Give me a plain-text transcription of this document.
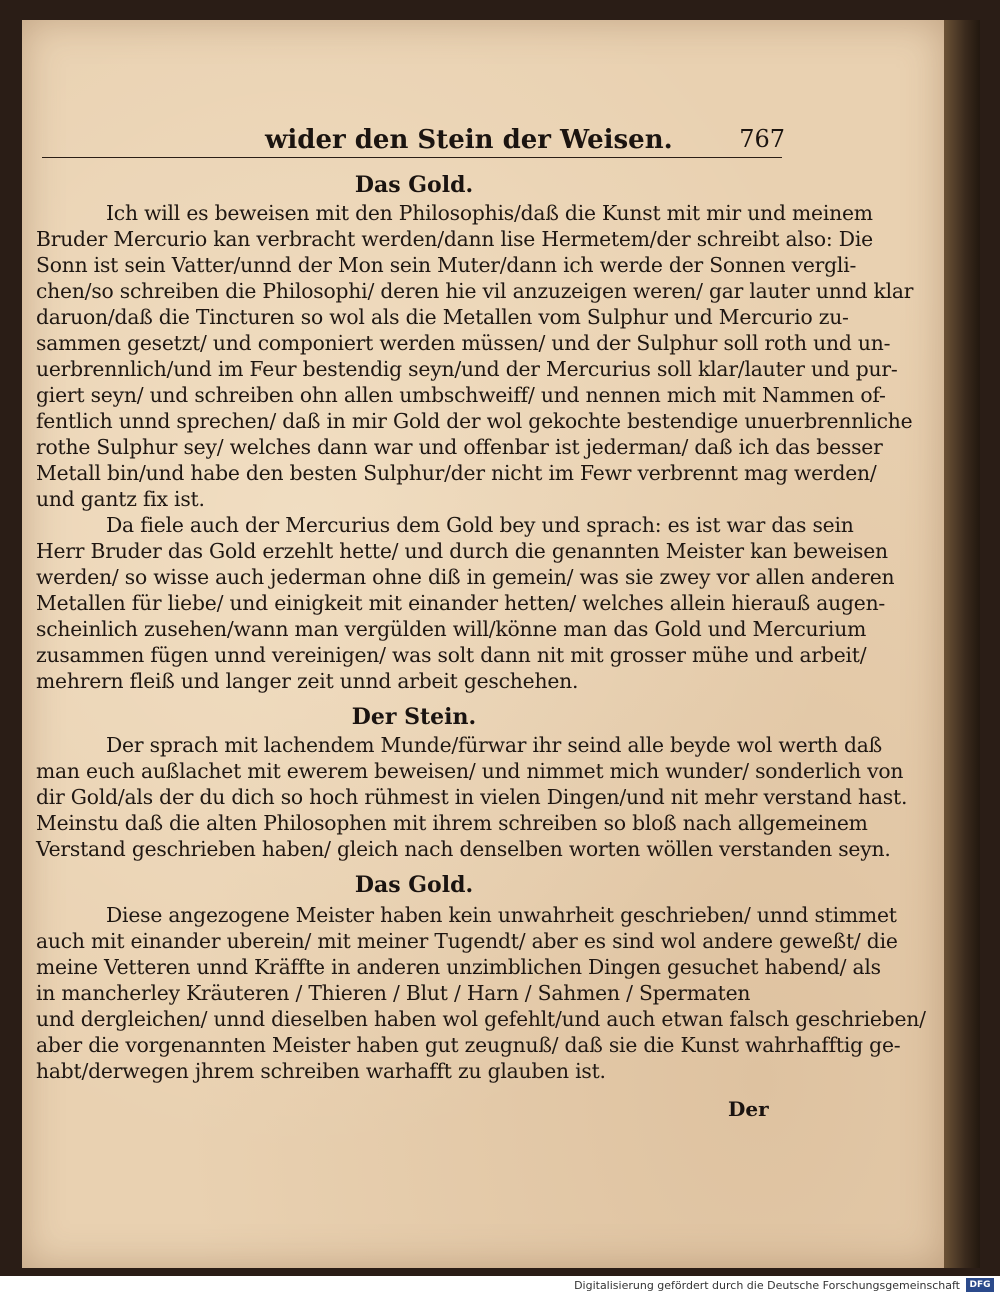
wider den Stein der Weisen.	767
Das Gold.
Ich will es beweisen mit den Philosophis/daß die Kunst mit mir und meinem
Bruder Mercurio kan verbracht werden/dann lise Hermetem/der schreibt also: Die
Sonn ist sein Vatter/unnd der Mon sein Muter/dann ich werde der Sonnen vergli-
chen/so schreiben die Philosophi/ deren hie vil anzuzeigen weren/ gar lauter unnd klar
daruon/daß die Tincturen so wol als die Metallen vom Sulphur und Mercurio zu-
sammen gesetzt/ und componiert werden müssen/ und der Sulphur soll roth und un-
uerbrennlich/und im Feur bestendig seyn/und der Mercurius soll klar/lauter und pur-
giert seyn/ und schreiben ohn allen umbschweiff/ und nennen mich mit Nammen of-
fentlich unnd sprechen/ daß in mir Gold der wol gekochte bestendige unuerbrennliche
rothe Sulphur sey/ welches dann war und offenbar ist jederman/ daß ich das besser
Metall bin/und habe den besten Sulphur/der nicht im Fewr verbrennt mag werden/
und gantz fix ist.
Da fiele auch der Mercurius dem Gold bey und sprach: es ist war das sein
Herr Bruder das Gold erzehlt hette/ und durch die genannten Meister kan beweisen
werden/ so wisse auch jederman ohne diß in gemein/ was sie zwey vor allen anderen
Metallen für liebe/ und einigkeit mit einander hetten/ welches allein hierauß augen-
scheinlich zusehen/wann man vergülden will/könne man das Gold und Mercurium
zusammen fügen unnd vereinigen/ was solt dann nit mit grosser mühe und arbeit/
mehrern fleiß und langer zeit unnd arbeit geschehen.
Der Stein.
Der sprach mit lachendem Munde/fürwar ihr seind alle beyde wol werth daß
man euch außlachet mit ewerem beweisen/ und nimmet mich wunder/ sonderlich von
dir Gold/als der du dich so hoch rühmest in vielen Dingen/und nit mehr verstand hast.
Meinstu daß die alten Philosophen mit ihrem schreiben so bloß nach allgemeinem
Verstand geschrieben haben/ gleich nach denselben worten wöllen verstanden seyn.
Das Gold.
Diese angezogene Meister haben kein unwahrheit geschrieben/ unnd stimmet
auch mit einander uberein/ mit meiner Tugendt/ aber es sind wol andere geweßt/ die
meine Vetteren unnd Kräffte in anderen unzimblichen Dingen gesuchet habend/ als
in mancherley Kräuteren / Thieren / Blut / Harn / Sahmen / Spermaten
und dergleichen/ unnd dieselben haben wol gefehlt/und auch etwan falsch geschrieben/
aber die vorgenannten Meister haben gut zeugnuß/ daß sie die Kunst wahrhafftig ge-
habt/derwegen jhrem schreiben warhafft zu glauben ist.
Der
Digitalisierung gefördert durch die Deutsche Forschungsgemeinschaft	DFG
